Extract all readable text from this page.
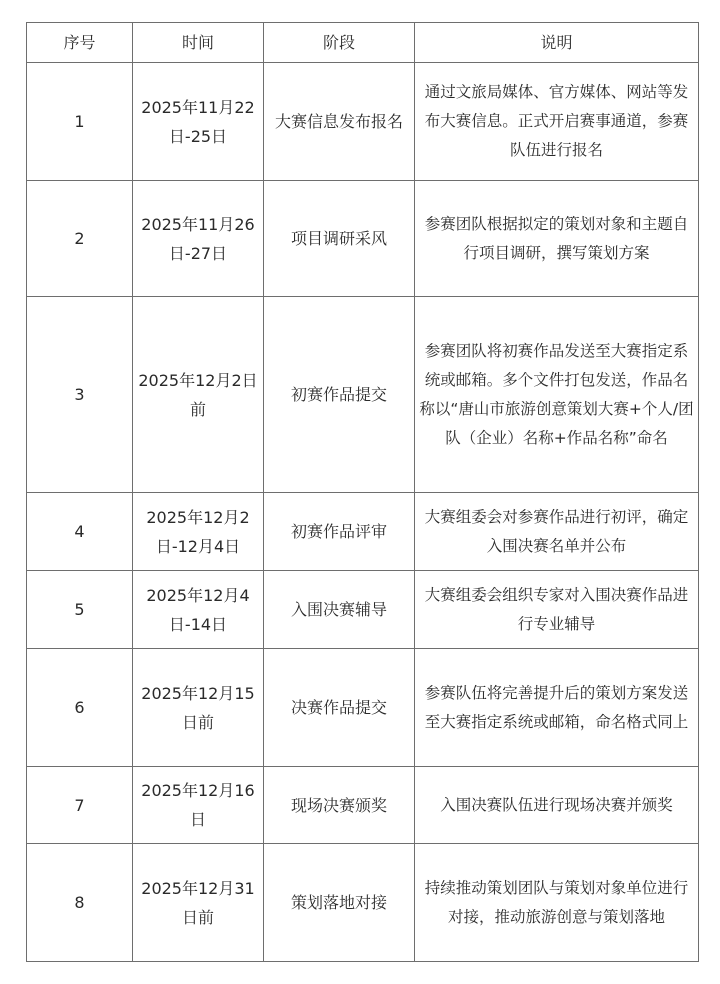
序号	时间	阶段	说明
1	2025年11月22日-25日	大赛信息发布报名	通过文旅局媒体、官方媒体、网站等发布大赛信息。正式开启赛事通道，参赛队伍进行报名
2	2025年11月26日-27日	项目调研采风	参赛团队根据拟定的策划对象和主题自行项目调研，撰写策划方案
3	2025年12月2日前	初赛作品提交	参赛团队将初赛作品发送至大赛指定系统或邮箱。多个文件打包发送，作品名称以“唐山市旅游创意策划大赛+个人/团队（企业）名称+作品名称”命名
4	2025年12月2日-12月4日	初赛作品评审	大赛组委会对参赛作品进行初评，确定入围决赛名单并公布
5	2025年12月4日-14日	入围决赛辅导	大赛组委会组织专家对入围决赛作品进行专业辅导
6	2025年12月15日前	决赛作品提交	参赛队伍将完善提升后的策划方案发送至大赛指定系统或邮箱，命名格式同上
7	2025年12月16日	现场决赛颁奖	入围决赛队伍进行现场决赛并颁奖
8	2025年12月31日前	策划落地对接	持续推动策划团队与策划对象单位进行对接，推动旅游创意与策划落地
